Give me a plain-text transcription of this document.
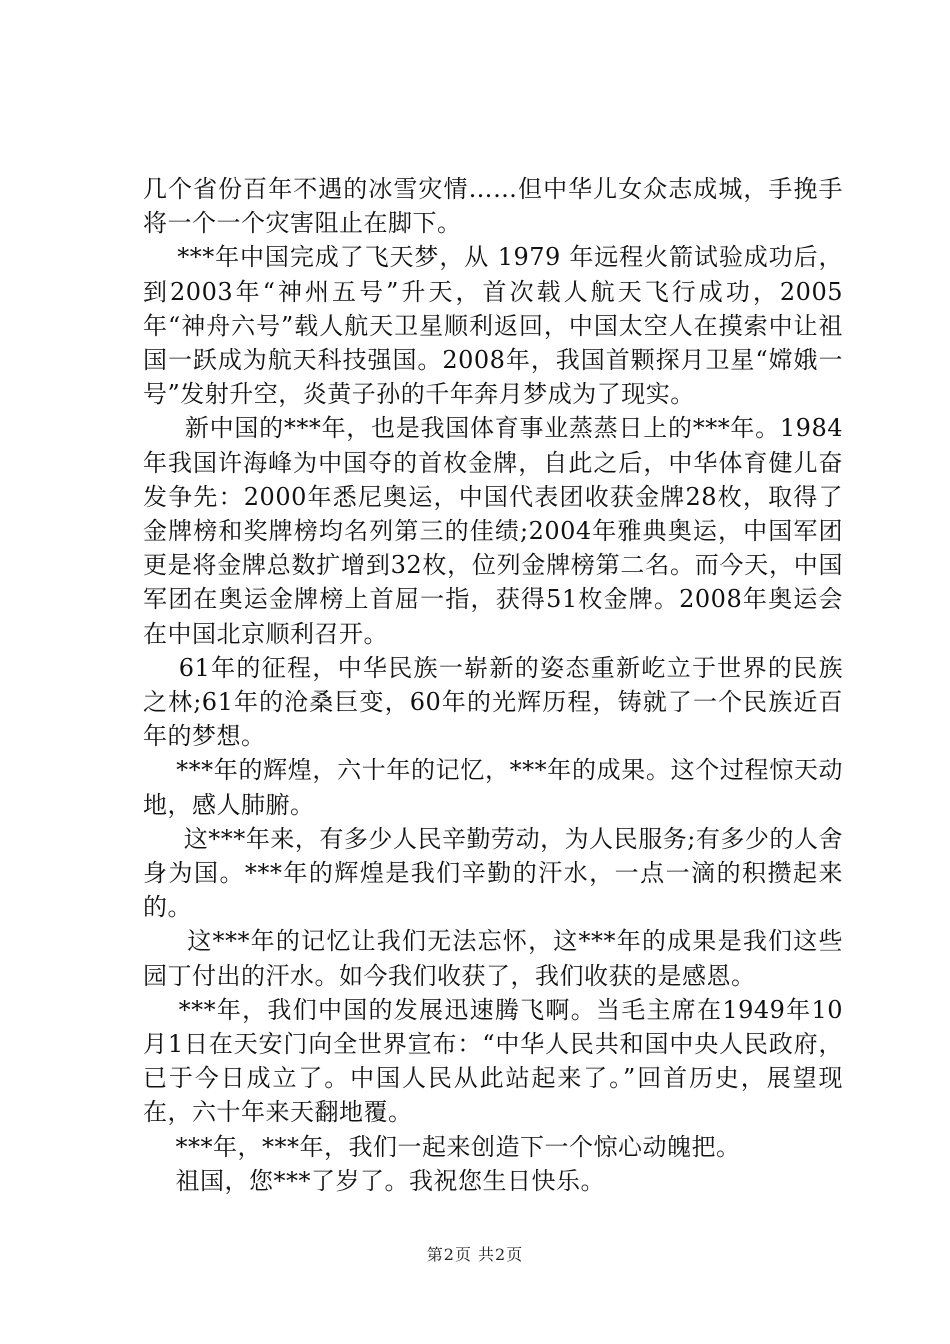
几个省份百年不遇的冰雪灾情……但中华儿女众志成城，手挽手将一个一个灾害阻止在脚下。

***年中国完成了飞天梦，从 1979 年远程火箭试验成功后，到2003年“神州五号”升天，首次载人航天飞行成功，2005年“神舟六号”载人航天卫星顺利返回，中国太空人在摸索中让祖国一跃成为航天科技强国。2008年，我国首颗探月卫星“嫦娥一号”发射升空，炎黄子孙的千年奔月梦成为了现实。

新中国的***年，也是我国体育事业蒸蒸日上的***年。1984年我国许海峰为中国夺的首枚金牌，自此之后，中华体育健儿奋发争先：2000年悉尼奥运，中国代表团收获金牌28枚，取得了金牌榜和奖牌榜均名列第三的佳绩;2004年雅典奥运，中国军团更是将金牌总数扩增到32枚，位列金牌榜第二名。而今天，中国军团在奥运金牌榜上首屈一指，获得51枚金牌。2008年奥运会在中国北京顺利召开。

61年的征程，中华民族一崭新的姿态重新屹立于世界的民族之林;61年的沧桑巨变，60年的光辉历程，铸就了一个民族近百年的梦想。

***年的辉煌，六十年的记忆，***年的成果。这个过程惊天动地，感人肺腑。

这***年来，有多少人民辛勤劳动，为人民服务;有多少的人舍身为国。***年的辉煌是我们辛勤的汗水，一点一滴的积攒起来的。

这***年的记忆让我们无法忘怀，这***年的成果是我们这些园丁付出的汗水。如今我们收获了，我们收获的是感恩。

***年，我们中国的发展迅速腾飞啊。当毛主席在1949年10月1日在天安门向全世界宣布：“中华人民共和国中央人民政府，已于今日成立了。中国人民从此站起来了。”回首历史，展望现在，六十年来天翻地覆。

***年，***年，我们一起来创造下一个惊心动魄把。

祖国，您***了岁了。我祝您生日快乐。

第2页 共2页
